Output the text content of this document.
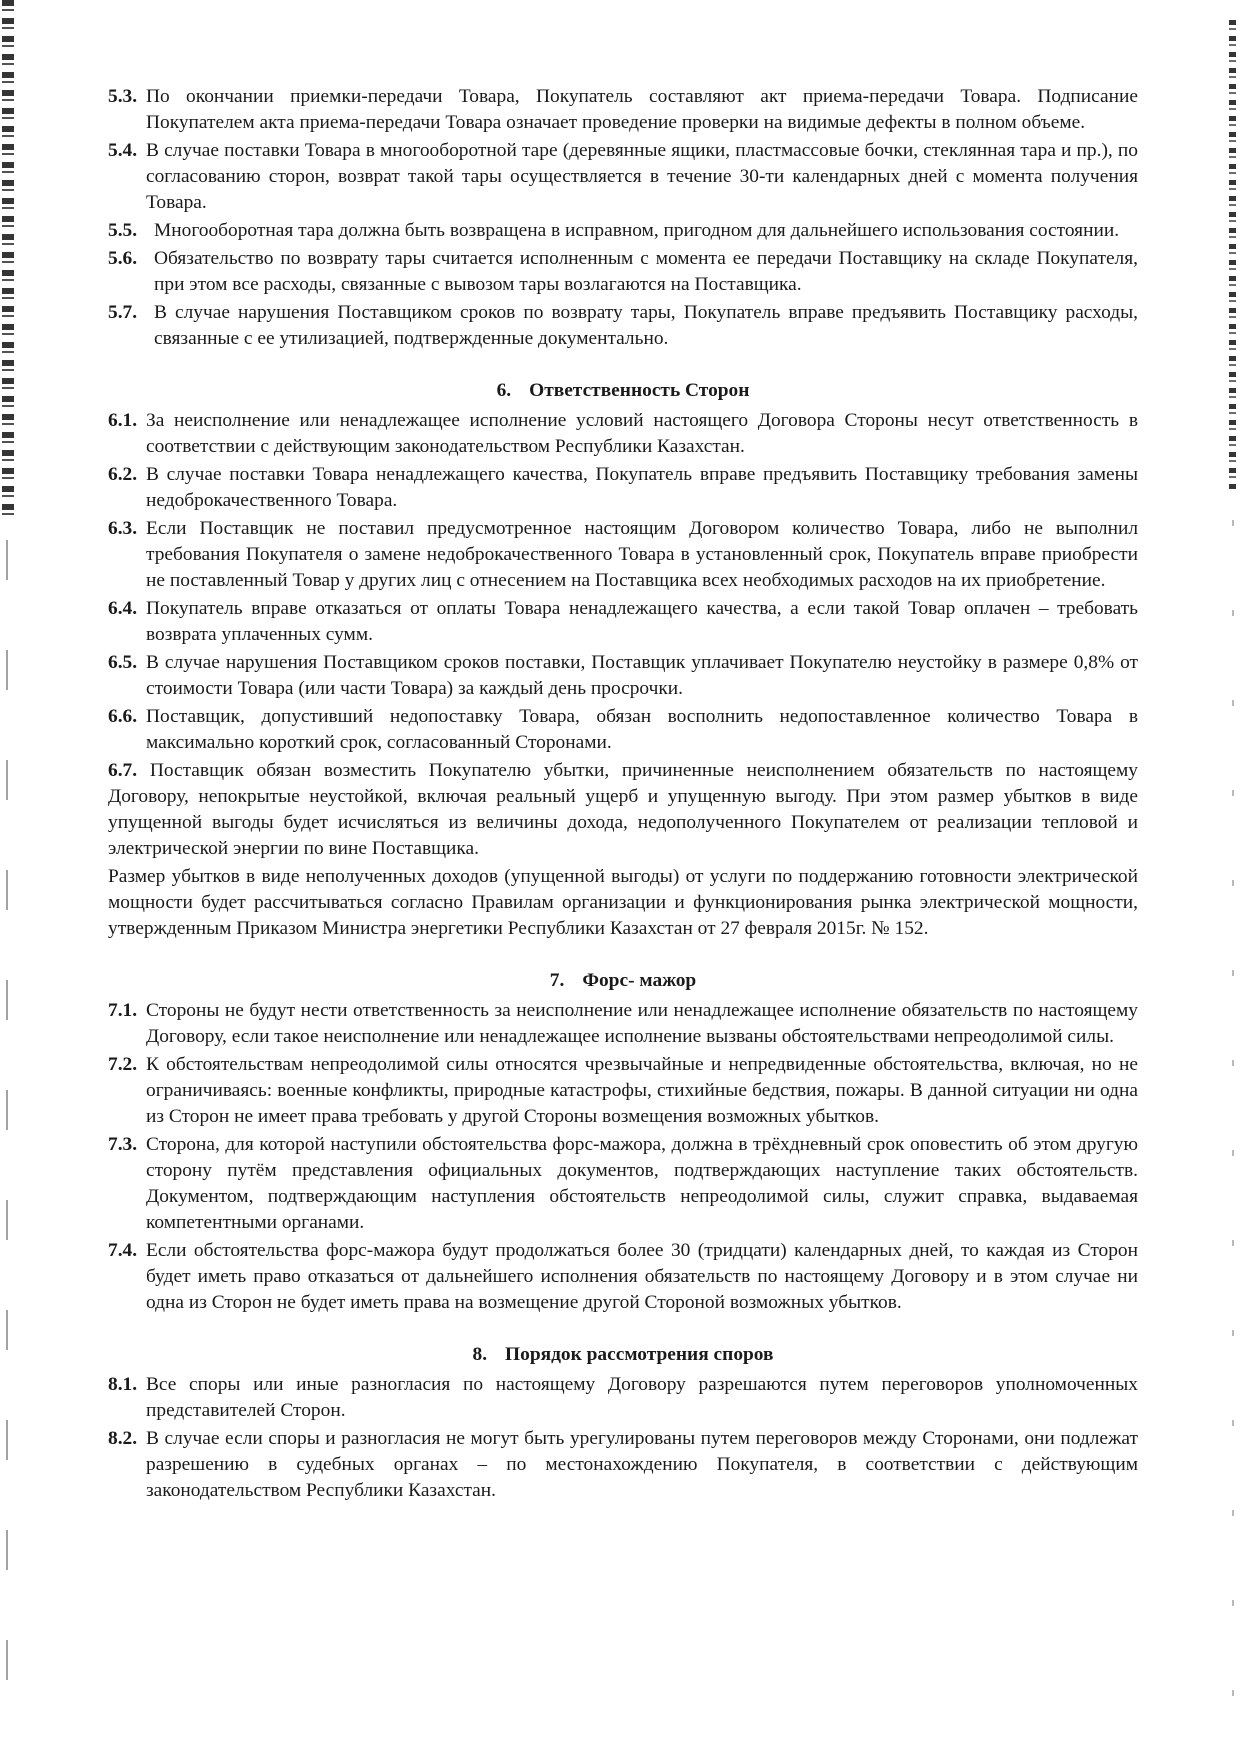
5.3. По окончании приемки-передачи Товара, Покупатель составляют акт приема-передачи Товара. Подписание Покупателем акта приема-передачи Товара означает проведение проверки на видимые дефекты в полном объеме.
5.4. В случае поставки Товара в многооборотной таре (деревянные ящики, пластмассовые бочки, стеклянная тара и пр.), по согласованию сторон, возврат такой тары осуществляется в течение 30-ти календарных дней с момента получения Товара.
5.5. Многооборотная тара должна быть возвращена в исправном, пригодном для дальнейшего использования состоянии.
5.6. Обязательство по возврату тары считается исполненным с момента ее передачи Поставщику на складе Покупателя, при этом все расходы, связанные с вывозом тары возлагаются на Поставщика.
5.7. В случае нарушения Поставщиком сроков по возврату тары, Покупатель вправе предъявить Поставщику расходы, связанные с ее утилизацией, подтвержденные документально.
6. Ответственность Сторон
6.1. За неисполнение или ненадлежащее исполнение условий настоящего Договора Стороны несут ответственность в соответствии с действующим законодательством Республики Казахстан.
6.2. В случае поставки Товара ненадлежащего качества, Покупатель вправе предъявить Поставщику требования замены недоброкачественного Товара.
6.3. Если Поставщик не поставил предусмотренное настоящим Договором количество Товара, либо не выполнил требования Покупателя о замене недоброкачественного Товара в установленный срок, Покупатель вправе приобрести не поставленный Товар у других лиц с отнесением на Поставщика всех необходимых расходов на их приобретение.
6.4. Покупатель вправе отказаться от оплаты Товара ненадлежащего качества, а если такой Товар оплачен – требовать возврата уплаченных сумм.
6.5. В случае нарушения Поставщиком сроков поставки, Поставщик уплачивает Покупателю неустойку в размере 0,8% от стоимости Товара (или части Товара) за каждый день просрочки.
6.6. Поставщик, допустивший недопоставку Товара, обязан восполнить недопоставленное количество Товара в максимально короткий срок, согласованный Сторонами.
6.7. Поставщик обязан возместить Покупателю убытки, причиненные неисполнением обязательств по настоящему Договору, непокрытые неустойкой, включая реальный ущерб и упущенную выгоду. При этом размер убытков в виде упущенной выгоды будет исчисляться из величины дохода, недополученного Покупателем от реализации тепловой и электрической энергии по вине Поставщика.

Размер убытков в виде неполученных доходов (упущенной выгоды) от услуги по поддержанию готовности электрической мощности будет рассчитываться согласно Правилам организации и функционирования рынка электрической мощности, утвержденным Приказом Министра энергетики Республики Казахстан от 27 февраля 2015г. № 152.

7. Форс- мажор
7.1. Стороны не будут нести ответственность за неисполнение или ненадлежащее исполнение обязательств по настоящему Договору, если такое неисполнение или ненадлежащее исполнение вызваны обстоятельствами непреодолимой силы.
7.2. К обстоятельствам непреодолимой силы относятся чрезвычайные и непредвиденные обстоятельства, включая, но не ограничиваясь: военные конфликты, природные катастрофы, стихийные бедствия, пожары. В данной ситуации ни одна из Сторон не имеет права требовать у другой Стороны возмещения возможных убытков.
7.3. Сторона, для которой наступили обстоятельства форс-мажора, должна в трёхдневный срок оповестить об этом другую сторону путём представления официальных документов, подтверждающих наступление таких обстоятельств. Документом, подтверждающим наступления обстоятельств непреодолимой силы, служит справка, выдаваемая компетентными органами.
7.4. Если обстоятельства форс-мажора будут продолжаться более 30 (тридцати) календарных дней, то каждая из Сторон будет иметь право отказаться от дальнейшего исполнения обязательств по настоящему Договору и в этом случае ни одна из Сторон не будет иметь права на возмещение другой Стороной возможных убытков.
8. Порядок рассмотрения споров
8.1. Все споры или иные разногласия по настоящему Договору разрешаются путем переговоров уполномоченных представителей Сторон.
8.2. В случае если споры и разногласия не могут быть урегулированы путем переговоров между Сторонами, они подлежат разрешению в судебных органах – по местонахождению Покупателя, в соответствии с действующим законодательством Республики Казахстан.
